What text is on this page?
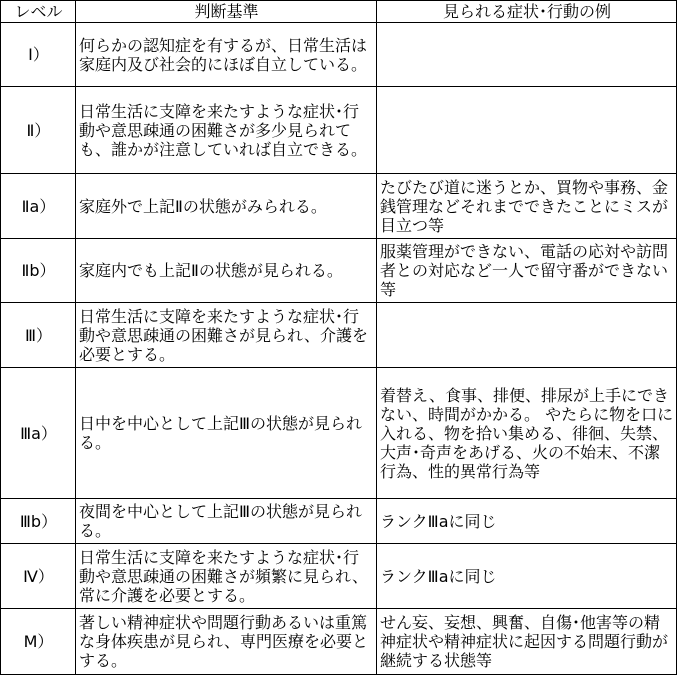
レベル	判断基準	見られる症状･行動の例
Ⅰ）	何らかの認知症を有するが、日常生活は家庭内及び社会的にほぼ自立している。	
Ⅱ）	日常生活に支障を来たすような症状･行動や意思疎通の困難さが多少見られても、誰かが注意していれば自立できる。	
Ⅱa）	家庭外で上記Ⅱの状態がみられる。	たびたび道に迷うとか、買物や事務、金銭管理などそれまでできたことにミスが目立つ等
Ⅱb）	家庭内でも上記Ⅱの状態が見られる。	服薬管理ができない、電話の応対や訪問者との対応など一人で留守番ができない等
Ⅲ）	日常生活に支障を来たすような症状･行動や意思疎通の困難さが見られ、介護を必要とする。	
Ⅲa）	日中を中心として上記Ⅲの状態が見られる。	着替え、食事、排便、排尿が上手にできない、時間がかかる。 やたらに物を口に入れる、物を拾い集める、徘徊、失禁、大声･奇声をあげる、火の不始末、不潔行為、性的異常行為等
Ⅲb）	夜間を中心として上記Ⅲの状態が見られる。	ランクⅢaに同じ
Ⅳ）	日常生活に支障を来たすような症状･行動や意思疎通の困難さが頻繁に見られ、常に介護を必要とする。	ランクⅢaに同じ
M）	著しい精神症状や問題行動あるいは重篤な身体疾患が見られ、専門医療を必要とする。	せん妄、妄想、興奮、自傷･他害等の精神症状や精神症状に起因する問題行動が継続する状態等
